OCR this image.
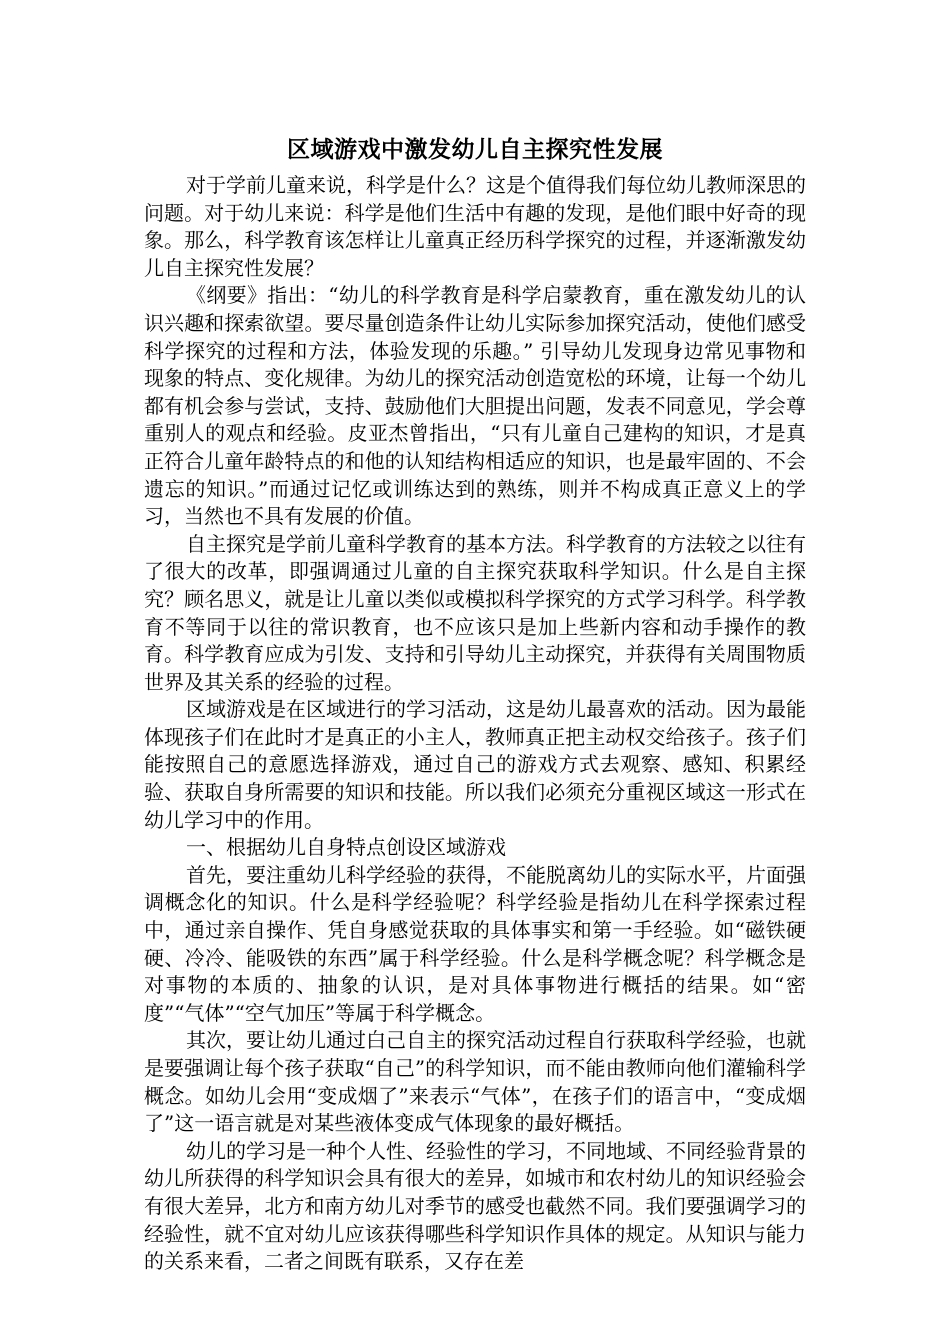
区域游戏中激发幼儿自主探究性发展

对于学前儿童来说，科学是什么？这是个值得我们每位幼儿教师深思的问题。对于幼儿来说：科学是他们生活中有趣的发现，是他们眼中好奇的现象。那么，科学教育该怎样让儿童真正经历科学探究的过程，并逐渐激发幼儿自主探究性发展？

《纲要》指出：“幼儿的科学教育是科学启蒙教育，重在激发幼儿的认识兴趣和探索欲望。要尽量创造条件让幼儿实际参加探究活动，使他们感受科学探究的过程和方法，体验发现的乐趣。” 引导幼儿发现身边常见事物和现象的特点、变化规律。为幼儿的探究活动创造宽松的环境，让每一个幼儿都有机会参与尝试，支持、鼓励他们大胆提出问题，发表不同意见，学会尊重别人的观点和经验。皮亚杰曾指出，“只有儿童自己建构的知识，才是真正符合儿童年龄特点的和他的认知结构相适应的知识，也是最牢固的、不会遗忘的知识。”而通过记忆或训练达到的熟练，则并不构成真正意义上的学习，当然也不具有发展的价值。

自主探究是学前儿童科学教育的基本方法。科学教育的方法较之以往有了很大的改革，即强调通过儿童的自主探究获取科学知识。什么是自主探究？顾名思义，就是让儿童以类似或模拟科学探究的方式学习科学。科学教育不等同于以往的常识教育，也不应该只是加上些新内容和动手操作的教育。科学教育应成为引发、支持和引导幼儿主动探究，并获得有关周围物质世界及其关系的经验的过程。

区域游戏是在区域进行的学习活动，这是幼儿最喜欢的活动。因为最能体现孩子们在此时才是真正的小主人，教师真正把主动权交给孩子。孩子们能按照自己的意愿选择游戏，通过自己的游戏方式去观察、感知、积累经验、获取自身所需要的知识和技能。所以我们必须充分重视区域这一形式在幼儿学习中的作用。

一、根据幼儿自身特点创设区域游戏

首先，要注重幼儿科学经验的获得，不能脱离幼儿的实际水平，片面强调概念化的知识。什么是科学经验呢？科学经验是指幼儿在科学探索过程中，通过亲自操作、凭自身感觉获取的具体事实和第一手经验。如“磁铁硬硬、冷冷、能吸铁的东西”属于科学经验。什么是科学概念呢？科学概念是对事物的本质的、抽象的认识，是对具体事物进行概括的结果。如“密度”“气体”“空气加压”等属于科学概念。

其次，要让幼儿通过白己自主的探究活动过程自行获取科学经验，也就是要强调让每个孩子获取“自己”的科学知识，而不能由教师向他们灌输科学概念。如幼儿会用“变成烟了”来表示“气体”，在孩子们的语言中，“变成烟了”这一语言就是对某些液体变成气体现象的最好概括。

幼儿的学习是一种个人性、经验性的学习，不同地域、不同经验背景的幼儿所获得的科学知识会具有很大的差异，如城市和农村幼儿的知识经验会有很大差异，北方和南方幼儿对季节的感受也截然不同。我们要强调学习的经验性，就不宜对幼儿应该获得哪些科学知识作具体的规定。从知识与能力的关系来看，二者之间既有联系，又存在差
